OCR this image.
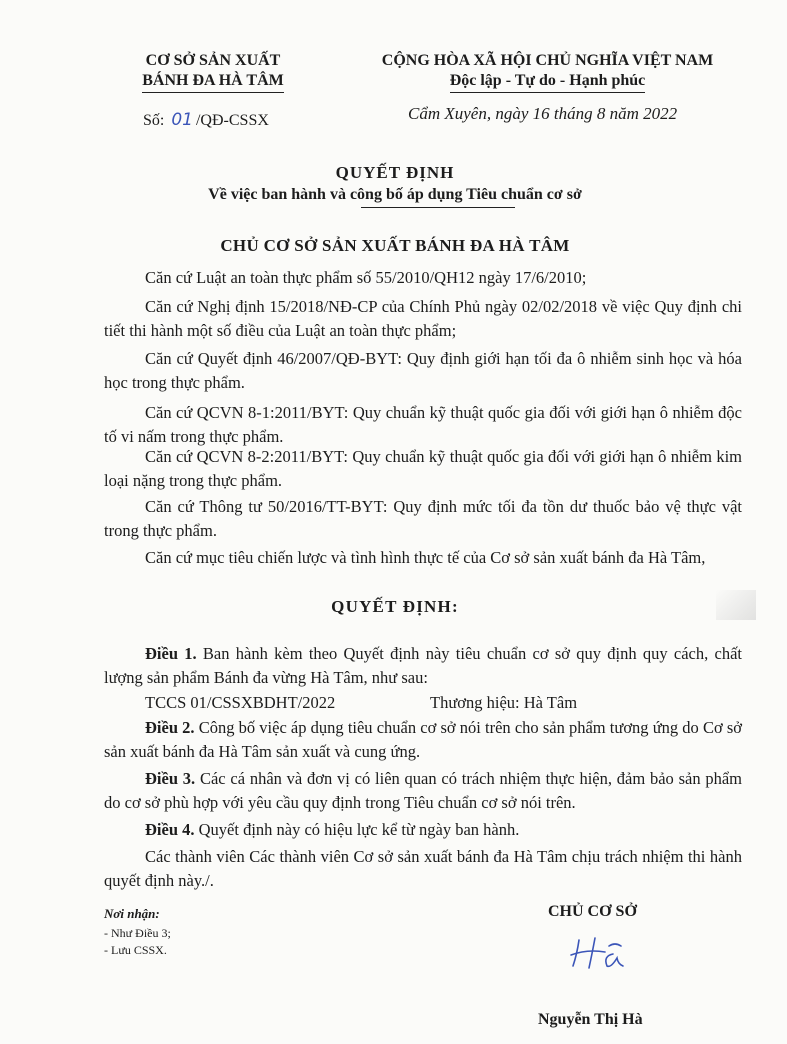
CƠ SỞ SẢN XUẤT
BÁNH ĐA HÀ TÂM
CỘNG HÒA XÃ HỘI CHỦ NGHĨA VIỆT NAM
Độc lập - Tự do - Hạnh phúc
Số: 01 /QĐ-CSSX	Cẩm Xuyên, ngày 16 tháng 8 năm 2022
QUYẾT ĐỊNH
Về việc ban hành và công bố áp dụng Tiêu chuẩn cơ sở
CHỦ CƠ SỞ SẢN XUẤT BÁNH ĐA HÀ TÂM
Căn cứ Luật an toàn thực phẩm số 55/2010/QH12 ngày 17/6/2010;
Căn cứ Nghị định 15/2018/NĐ-CP của Chính Phủ ngày 02/02/2018 về việc Quy định chi tiết thi hành một số điều của Luật an toàn thực phẩm;
Căn cứ Quyết định 46/2007/QĐ-BYT: Quy định giới hạn tối đa ô nhiễm sinh học và hóa học trong thực phẩm.
Căn cứ QCVN 8-1:2011/BYT: Quy chuẩn kỹ thuật quốc gia đối với giới hạn ô nhiễm độc tố vi nấm trong thực phẩm.
Căn cứ QCVN 8-2:2011/BYT: Quy chuẩn kỹ thuật quốc gia đối với giới hạn ô nhiễm kim loại nặng trong thực phẩm.
Căn cứ Thông tư 50/2016/TT-BYT: Quy định mức tối đa tồn dư thuốc bảo vệ thực vật trong thực phẩm.
Căn cứ mục tiêu chiến lược và tình hình thực tế của Cơ sở sản xuất bánh đa Hà Tâm,
QUYẾT ĐỊNH:
Điều 1. Ban hành kèm theo Quyết định này tiêu chuẩn cơ sở quy định quy cách, chất lượng sản phẩm Bánh đa vừng Hà Tâm, như sau:
TCCS 01/CSSXBDHT/2022	Thương hiệu: Hà Tâm
Điều 2. Công bố việc áp dụng tiêu chuẩn cơ sở nói trên cho sản phẩm tương ứng do Cơ sở sản xuất bánh đa Hà Tâm sản xuất và cung ứng.
Điều 3. Các cá nhân và đơn vị có liên quan có trách nhiệm thực hiện, đảm bảo sản phẩm do cơ sở phù hợp với yêu cầu quy định trong Tiêu chuẩn cơ sở nói trên.
Điều 4. Quyết định này có hiệu lực kể từ ngày ban hành.
Các thành viên Các thành viên Cơ sở sản xuất bánh đa Hà Tâm chịu trách nhiệm thi hành quyết định này./.
Nơi nhận:
- Như Điều 3;
- Lưu CSSX.
CHỦ CƠ SỞ
Nguyễn Thị Hà
